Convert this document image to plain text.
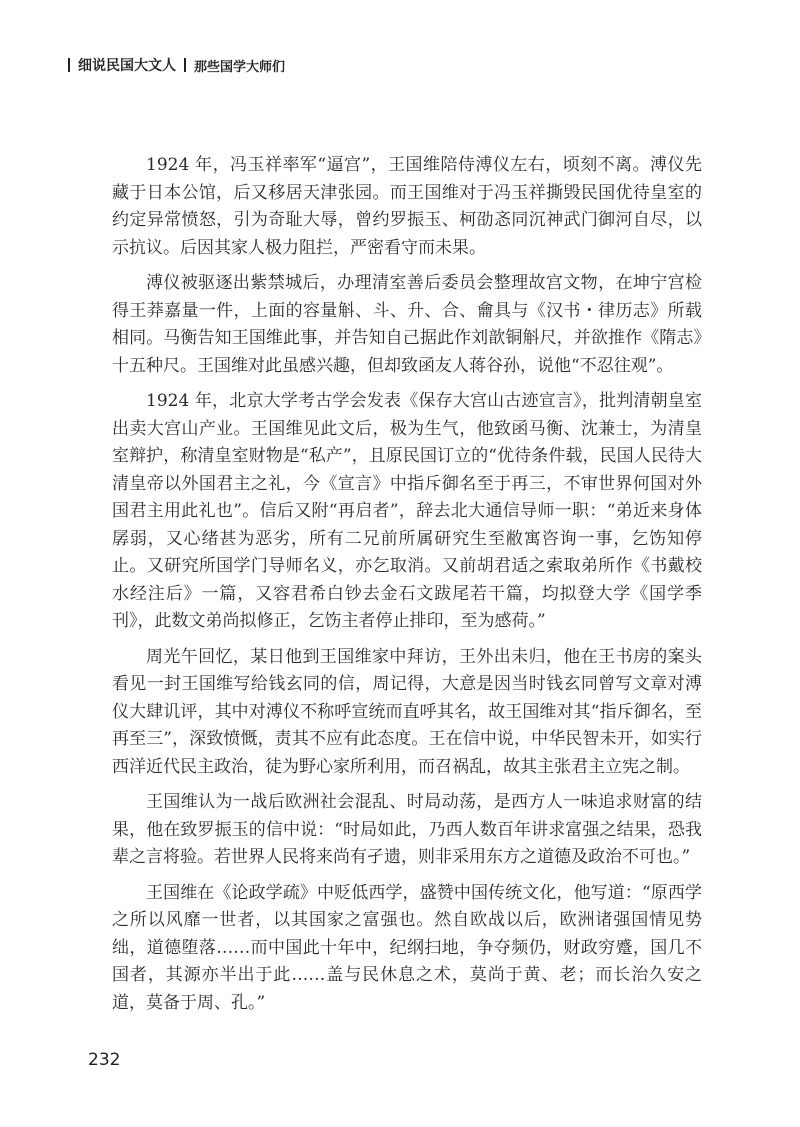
细说民国大文人 那些国学大师们

1924 年，冯玉祥率军“逼宫”，王国维陪侍溥仪左右，顷刻不离。溥仪先藏于日本公馆，后又移居天津张园。而王国维对于冯玉祥撕毁民国优待皇室的约定异常愤怒，引为奇耻大辱，曾约罗振玉、柯劭忞同沉神武门御河自尽，以示抗议。后因其家人极力阻拦，严密看守而未果。

溥仪被驱逐出紫禁城后，办理清室善后委员会整理故宫文物，在坤宁宫检得王莽嘉量一件，上面的容量斛、斗、升、合、龠具与《汉书・律历志》所载相同。马衡告知王国维此事，并告知自己据此作刘歆铜斛尺，并欲推作《隋志》十五种尺。王国维对此虽感兴趣，但却致函友人蒋谷孙，说他“不忍往观”。

1924 年，北京大学考古学会发表《保存大宫山古迹宣言》，批判清朝皇室出卖大宫山产业。王国维见此文后，极为生气，他致函马衡、沈兼士，为清皇室辩护，称清皇室财物是“私产”，且原民国订立的“优待条件载，民国人民待大清皇帝以外国君主之礼，今《宣言》中指斥御名至于再三，不审世界何国对外国君主用此礼也”。信后又附“再启者”，辞去北大通信导师一职：“弟近来身体孱弱，又心绪甚为恶劣，所有二兄前所属研究生至敝寓咨询一事，乞饬知停止。又研究所国学门导师名义，亦乞取消。又前胡君适之索取弟所作《书戴校水经注后》一篇，又容君希白钞去金石文跋尾若干篇，均拟登大学《国学季刊》，此数文弟尚拟修正，乞饬主者停止排印，至为感荷。”

周光午回忆，某日他到王国维家中拜访，王外出未归，他在王书房的案头看见一封王国维写给钱玄同的信，周记得，大意是因当时钱玄同曾写文章对溥仪大肆讥评，其中对溥仪不称呼宣统而直呼其名，故王国维对其“指斥御名，至再至三”，深致愤慨，责其不应有此态度。王在信中说，中华民智未开，如实行西洋近代民主政治，徒为野心家所利用，而召祸乱，故其主张君主立宪之制。

王国维认为一战后欧洲社会混乱、时局动荡，是西方人一味追求财富的结果，他在致罗振玉的信中说：“时局如此，乃西人数百年讲求富强之结果，恐我辈之言将验。若世界人民将来尚有孑遗，则非采用东方之道德及政治不可也。”

王国维在《论政学疏》中贬低西学，盛赞中国传统文化，他写道：“原西学之所以风靡一世者，以其国家之富强也。然自欧战以后，欧洲诸强国情见势绌，道德堕落……而中国此十年中，纪纲扫地，争夺频仍，财政穷蹙，国几不国者，其源亦半出于此……盖与民休息之术，莫尚于黄、老；而长治久安之道，莫备于周、孔。”

232
